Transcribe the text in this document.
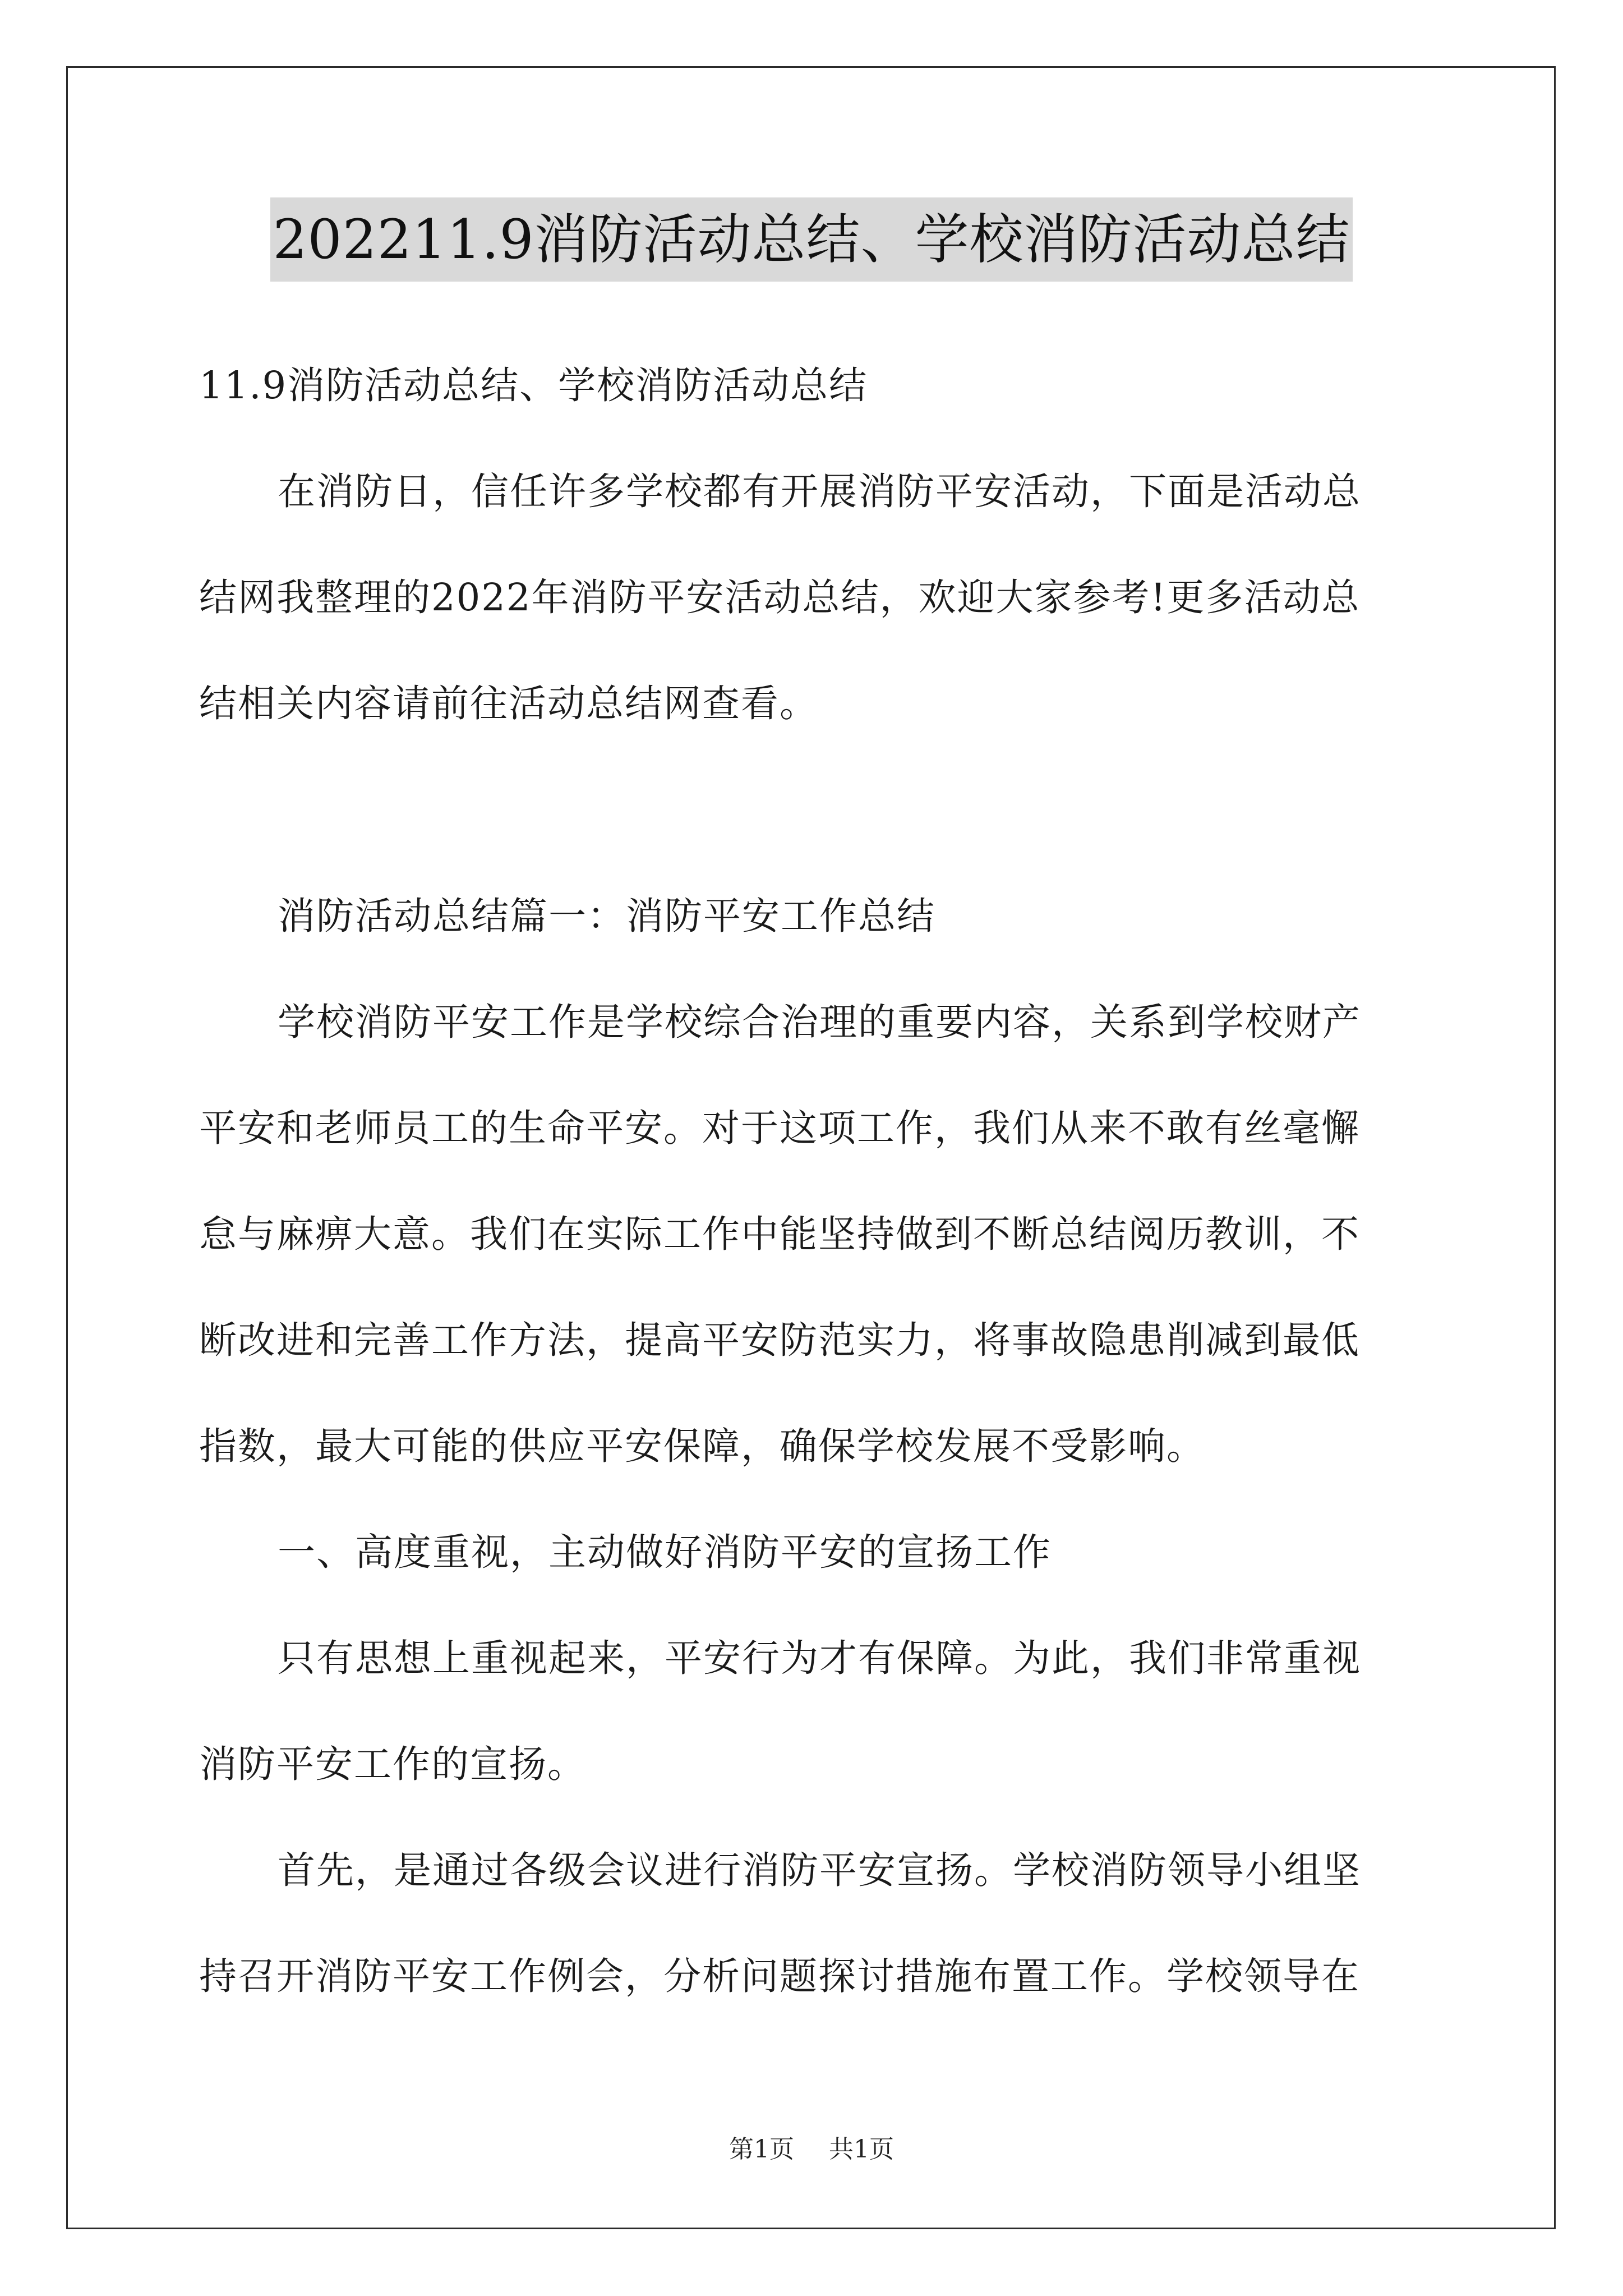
202211.9消防活动总结、学校消防活动总结
11.9消防活动总结、学校消防活动总结
在消防日，信任许多学校都有开展消防平安活动，下面是活动总
结网我整理的2022年消防平安活动总结，欢迎大家参考!更多活动总
结相关内容请前往活动总结网查看。
消防活动总结篇一：消防平安工作总结
学校消防平安工作是学校综合治理的重要内容，关系到学校财产
平安和老师员工的生命平安。对于这项工作，我们从来不敢有丝毫懈
怠与麻痹大意。我们在实际工作中能坚持做到不断总结阅历教训，不
断改进和完善工作方法，提高平安防范实力，将事故隐患削减到最低
指数，最大可能的供应平安保障，确保学校发展不受影响。
一、高度重视，主动做好消防平安的宣扬工作
只有思想上重视起来，平安行为才有保障。为此，我们非常重视
消防平安工作的宣扬。
首先，是通过各级会议进行消防平安宣扬。学校消防领导小组坚
持召开消防平安工作例会，分析问题探讨措施布置工作。学校领导在
第1页 共1页
